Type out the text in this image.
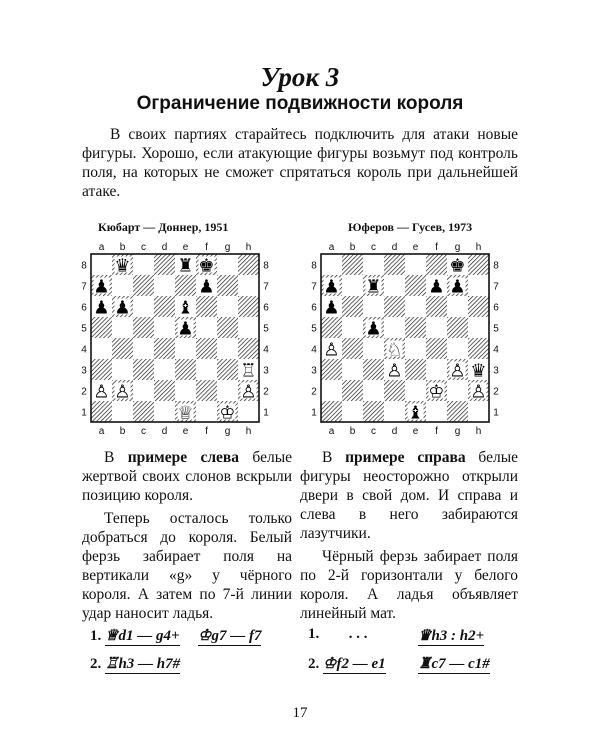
Урок 3
Ограничение подвижности короля

В своих партиях старайтесь подключить для атаки новые фигуры. Хорошо, если атакующие фигуры возьмут под контроль поля, на которых не сможет спрятаться король при дальнейшей атаке.

Кюбарт — Доннер, 1951	Юферов — Гусев, 1973
a
a
b
b
c
c
d
d
e
e
f
f
g
g
h
h
8	8
7	7
6	6
5	5
4	4
3	3
2	2
1	1
♛	♜ ♚
♟	♟
♟ ♟	♝
♟
♖
♙ ♙	♙
♕ ♔
a
a
b
b
c
c
d
d
e
e
f
f
g
g
h
h
8	8
7	7
6	6
5	5
4	4
3	3
2	2
1	1
♚
♟ ♜	♟ ♟
♟
♟
♙	♘
♙	♙ ♛
♔ ♙
♝

В примере слева белые жертвой своих слонов вскрыли позицию короля.

Теперь осталось только добраться до короля. Белый ферзь забирает поля на вертикали «g» у чёрного короля. А затем по 7-й линии удар наносит ладья.

В примере справа белые фигуры неосторожно открыли двери в свой дом. И справа и слева в него забираются лазутчики.

Чёрный ферзь забирает поля по 2-й горизонтали у белого короля. А ладья объявляет линейный мат.

1. ♕d1 — g4+ ♔g7 — f7
2. ♖h3 — h7#
1. . . .	♛h3 : h2+
2. ♔f2 — e1 ♜c7 — c1#
17
